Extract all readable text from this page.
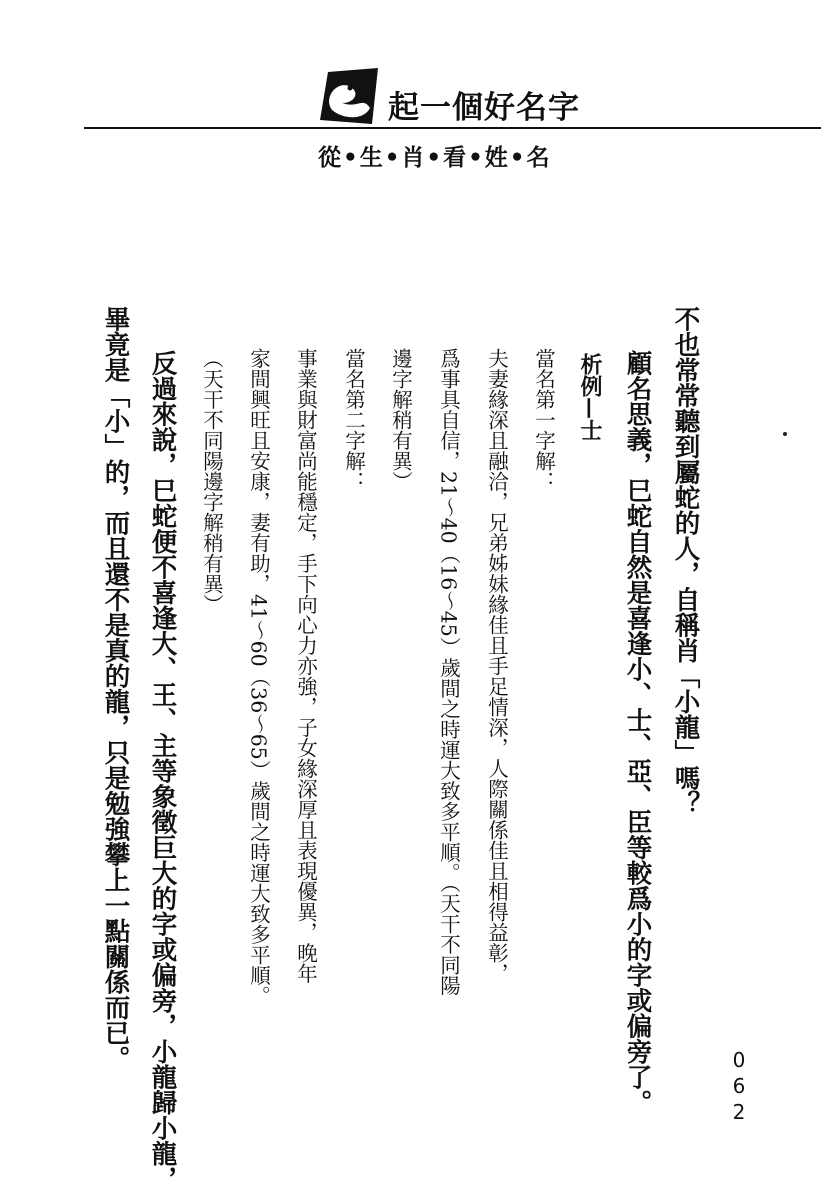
起一個好名字
從•生•肖•看•姓•名
不也常常聽到屬蛇的人，自稱肖「小龍」嗎？
顧名思義，巳蛇自然是喜逢小、士、亞、臣等較爲小的字或偏旁了。
析例—士
當名第一字解：
夫妻緣深且融洽，兄弟姊妹緣佳且手足情深，人際關係佳且相得益彰，
爲事具自信，21～40（16～45）歲間之時運大致多平順。（天干不同陽
邊字解稍有異）
當名第二字解：
事業與財富尚能穩定，手下向心力亦強，子女緣深厚且表現優異，晚年
家間興旺且安康，妻有助，41～60（36～65）歲間之時運大致多平順。
（天干不同陽邊字解稍有異）
反過來說，巳蛇便不喜逢大、王、主等象徵巨大的字或偏旁，小龍歸小龍，
畢竟是「小」的，而且還不是真的龍，只是勉強攀上一點關係而已。
062
